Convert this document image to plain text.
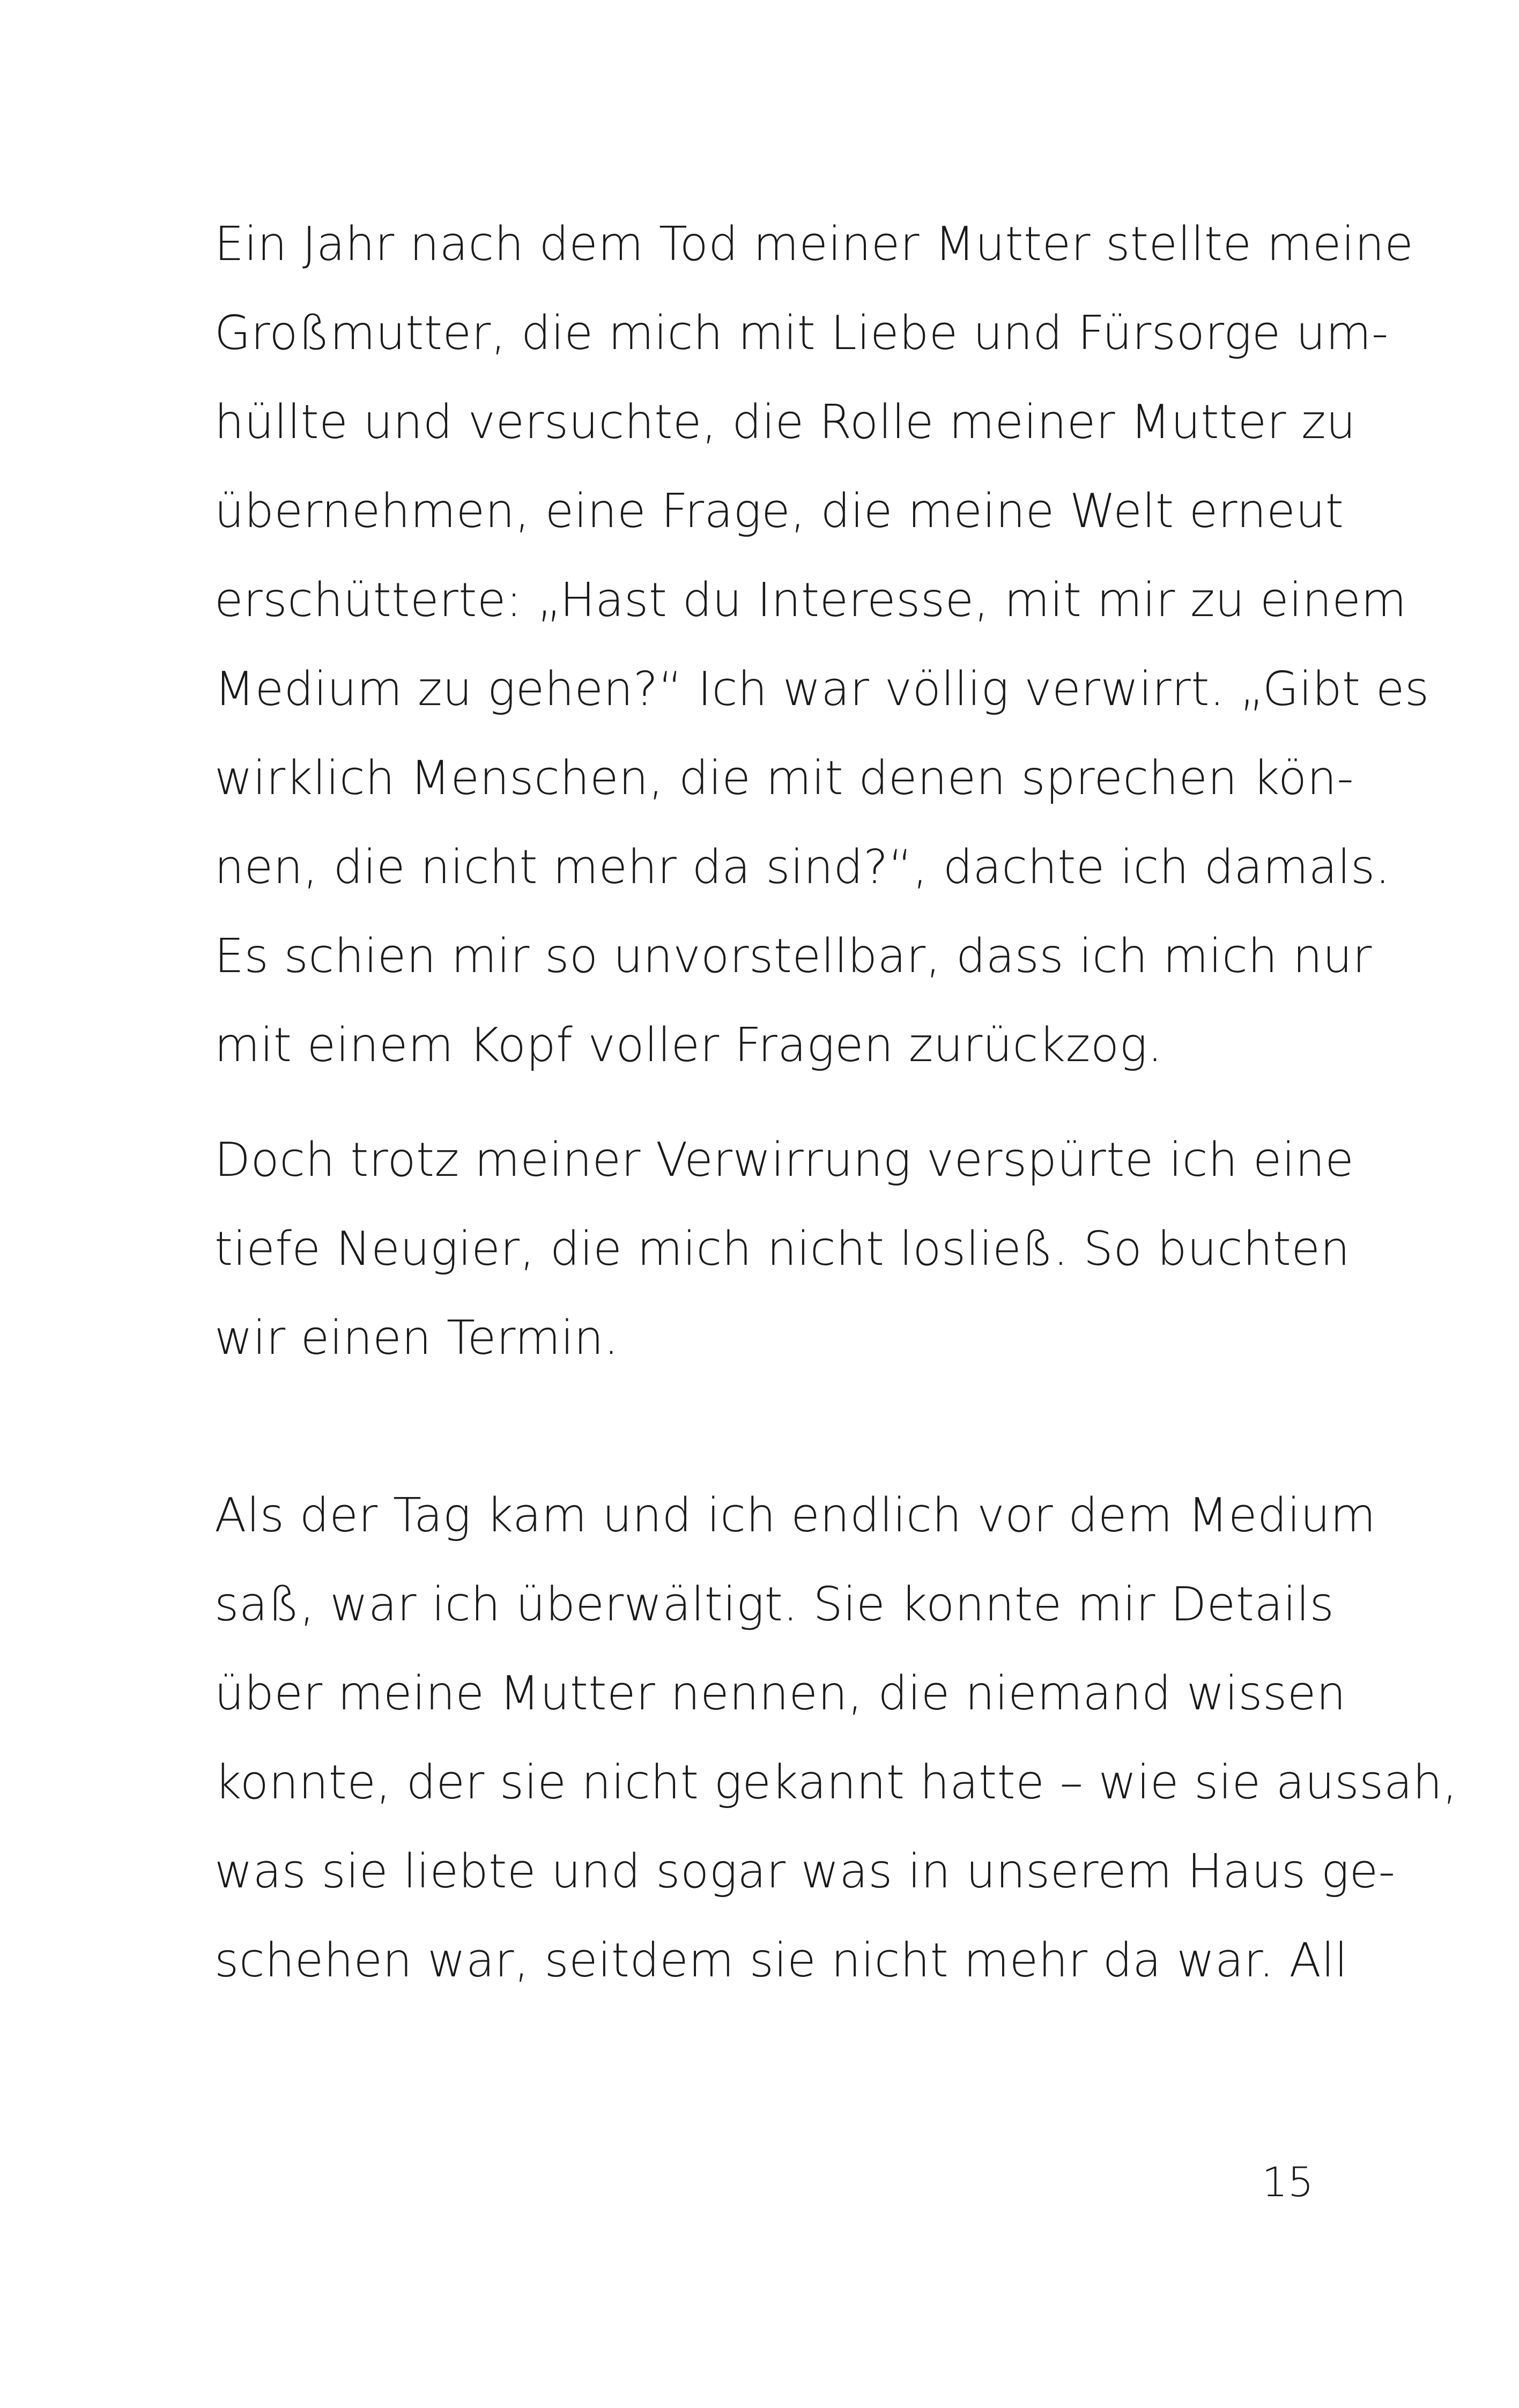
Ein Jahr nach dem Tod meiner Mutter stellte meine
Großmutter, die mich mit Liebe und Fürsorge um-
hüllte und versuchte, die Rolle meiner Mutter zu
übernehmen, eine Frage, die meine Welt erneut
erschütterte: „Hast du Interesse, mit mir zu einem
Medium zu gehen?“ Ich war völlig verwirrt. „Gibt es
wirklich Menschen, die mit denen sprechen kön-
nen, die nicht mehr da sind?“, dachte ich damals.
Es schien mir so unvorstellbar, dass ich mich nur
mit einem Kopf voller Fragen zurückzog.
Doch trotz meiner Verwirrung verspürte ich eine
tiefe Neugier, die mich nicht losließ. So buchten
wir einen Termin.
Als der Tag kam und ich endlich vor dem Medium
saß, war ich überwältigt. Sie konnte mir Details
über meine Mutter nennen, die niemand wissen
konnte, der sie nicht gekannt hatte – wie sie aussah,
was sie liebte und sogar was in unserem Haus ge-
schehen war, seitdem sie nicht mehr da war. All
15
